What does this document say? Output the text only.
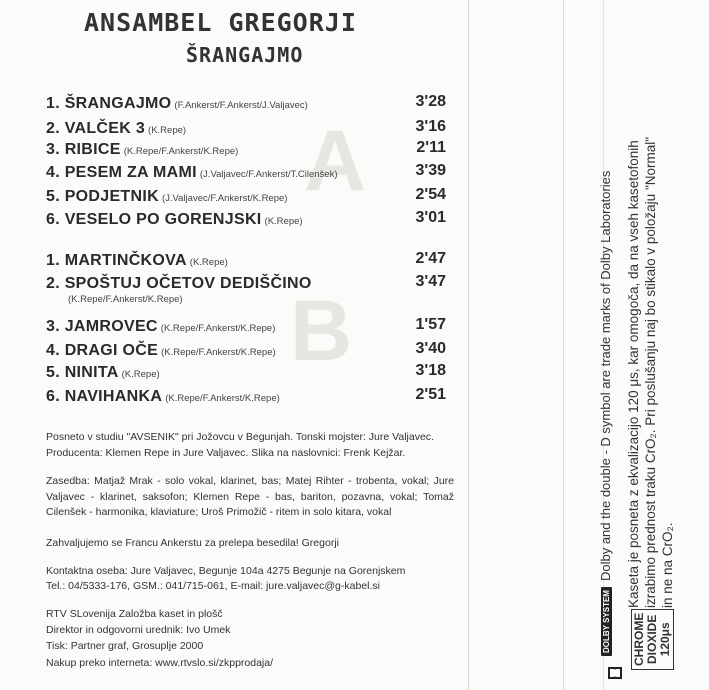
ANSAMBEL GREGORJI
ŠRANGAJMO
A
B
1. ŠRANGAJMO (F.Ankerst/F.Ankerst/J.Valjavec)	3'28
2. VALČEK 3 (K.Repe)	3'16
3. RIBICE (K.Repe/F.Ankerst/K.Repe)	2'11
4. PESEM ZA MAMI (J.Valjavec/F.Ankerst/T.Cilenšek)	3'39
5. PODJETNIK (J.Valjavec/F.Ankerst/K.Repe)	2'54
6. VESELO PO GORENJSKI (K.Repe)	3'01
1. MARTINČKOVA (K.Repe)	2'47
2. SPOŠTUJ OČETOV DEDIŠČINO	3'47
(K.Repe/F.Ankerst/K.Repe)
3. JAMROVEC (K.Repe/F.Ankerst/K.Repe)	1'57
4. DRAGI OČE (K.Repe/F.Ankerst/K.Repe)	3'40
5. NINITA (K.Repe)	3'18
6. NAVIHANKA (K.Repe/F.Ankerst/K.Repe)	2'51
Posneto v studiu "AVSENIK" pri Jožovcu v Begunjah. Tonski mojster: Jure Valjavec. Producenta: Klemen Repe in Jure Valjavec. Slika na naslovnici: Frenk Kejžar.
Zasedba: Matjaž Mrak - solo vokal, klarinet, bas; Matej Rihter - trobenta, vokal; Jure Valjavec - klarinet, saksofon; Klemen Repe - bas, bariton, pozavna, vokal; Tomaž Cilenšek - harmonika, klaviature; Uroš Primožič - ritem in solo kitara, vokal
Zahvaljujemo se Francu Ankerstu za prelepa besedila! Gregorji
Kontaktna oseba: Jure Valjavec, Begunje 104a 4275 Begunje na Gorenjskem
Tel.: 04/5333-176, GSM.: 041/715-061, E-mail: jure.valjavec@g-kabel.si
RTV SLovenija Založba kaset in plošč
Direktor in odgovorni urednik: Ivo Umek
Tisk: Partner graf, Grosuplje 2000
Nakup preko interneta: www.rtvslo.si/zkpprodaja/
DOLBY SYSTEMDolby and the double - D symbol are trade marks of Dolby Laboratories
CHROME DIOXIDE 120μs
Kaseta je posneta z ekvalizacijo 120 μs, kar omogoča, da na vseh kasetofonih izrabimo prednost traku CrO₂. Pri poslušanju naj bo stikalo v položaju "Normal" in ne na CrO₂.
